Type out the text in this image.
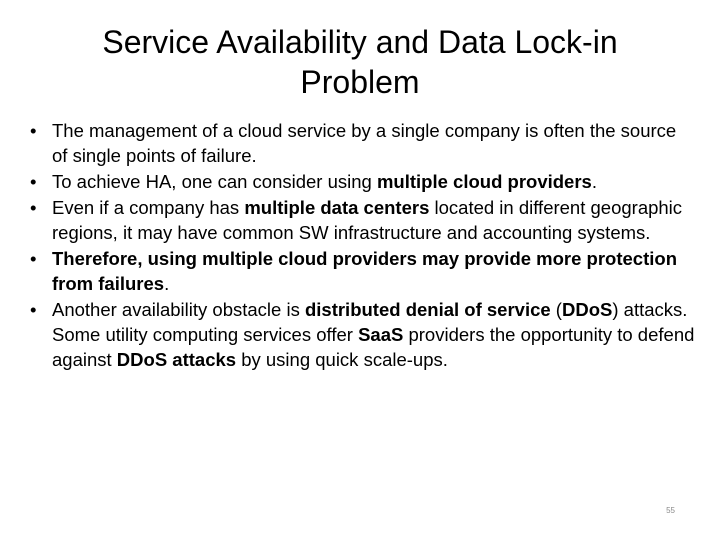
Service Availability and Data Lock-in Problem
• The management of a cloud service by a single company is often the source of single points of failure.
• To achieve HA, one can consider using multiple cloud providers.
• Even if a company has multiple data centers located in different geographic regions, it may have common SW infrastructure and accounting systems.
• Therefore, using multiple cloud providers may provide more protection from failures.
• Another availability obstacle is distributed denial of service (DDoS) attacks. Some utility computing services offer SaaS providers the opportunity to defend against DDoS attacks by using quick scale-ups.
55
